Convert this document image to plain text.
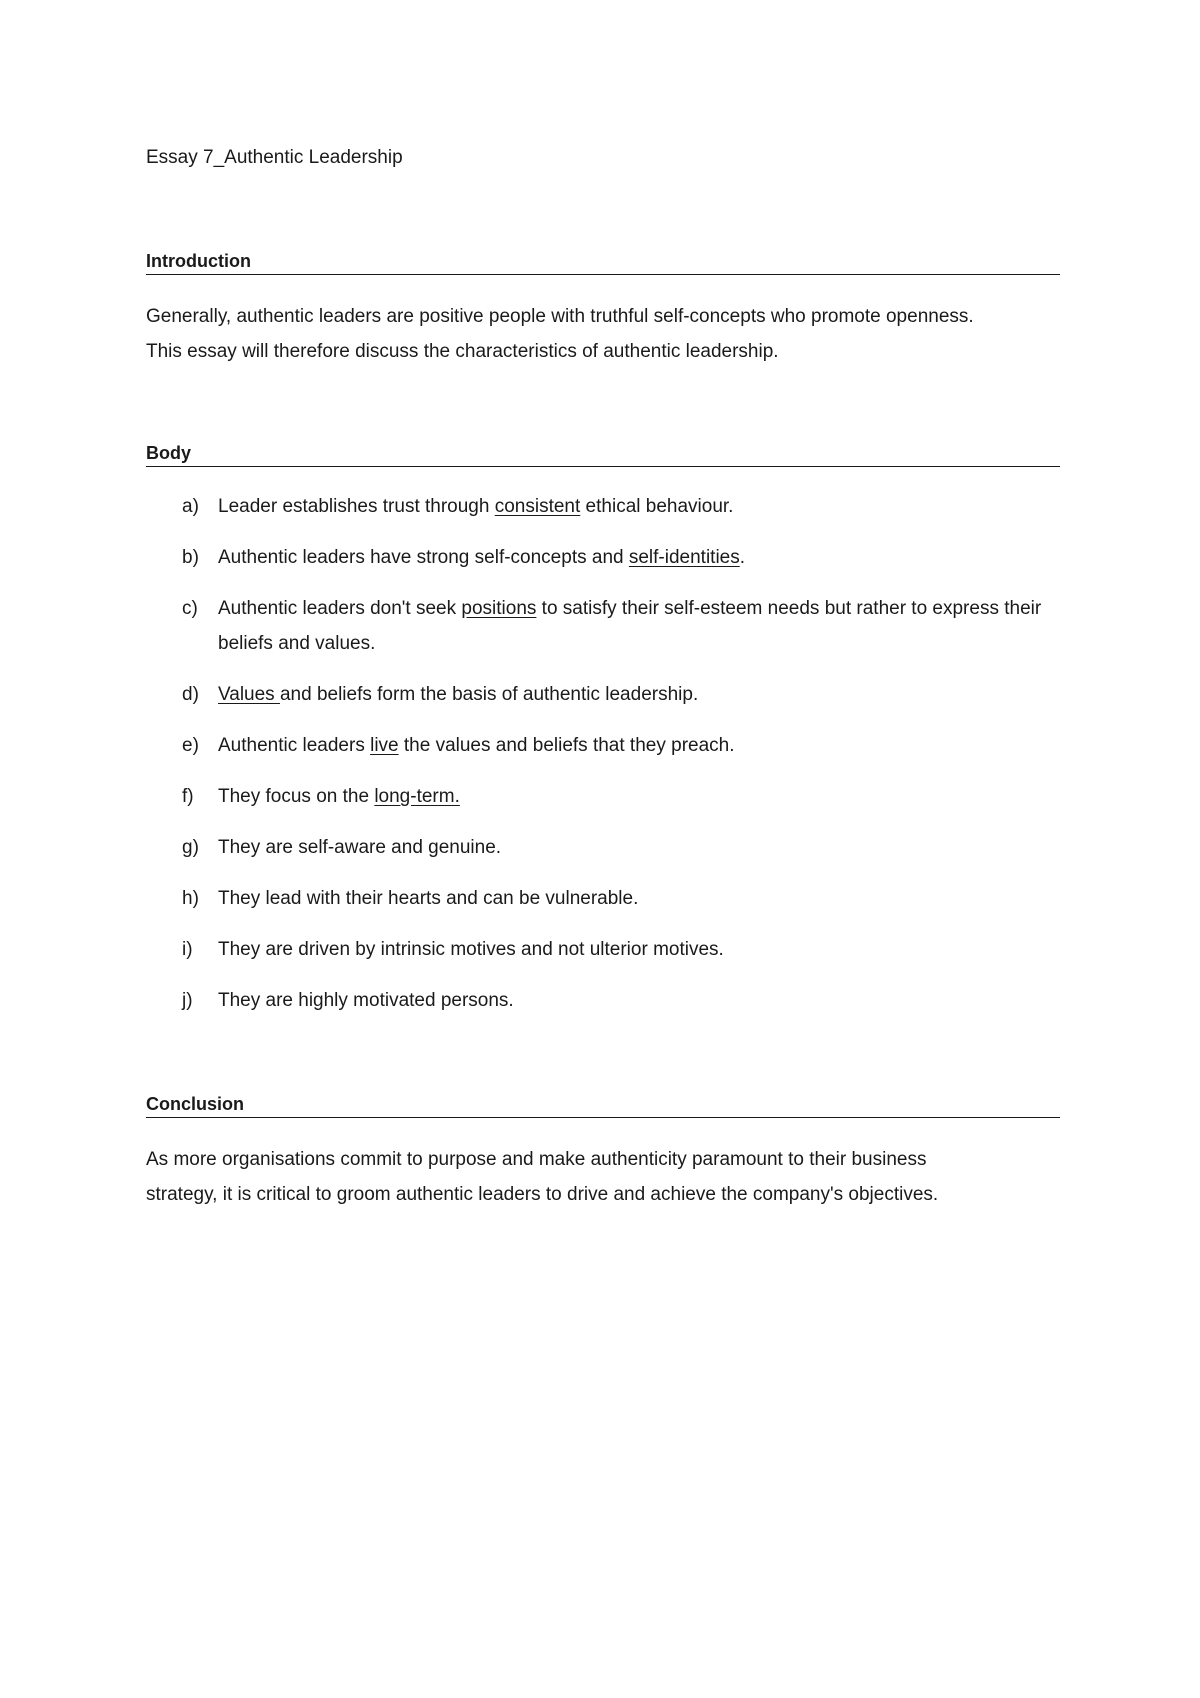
Essay 7_Authentic Leadership
Introduction

Generally, authentic leaders are positive people with truthful self-concepts who promote openness.

This essay will therefore discuss the characteristics of authentic leadership.

Body
a)	Leader establishes trust through consistent ethical behaviour.
b)	Authentic leaders have strong self-concepts and self-identities.
c)	Authentic leaders don't seek positions to satisfy their self-esteem needs but rather to express their beliefs and values.
d)	Values and beliefs form the basis of authentic leadership.
e)	Authentic leaders live the values and beliefs that they preach.
f)	They focus on the long-term.
g)	They are self-aware and genuine.
h)	They lead with their hearts and can be vulnerable.
i)	They are driven by intrinsic motives and not ulterior motives.
j)	They are highly motivated persons.
Conclusion

As more organisations commit to purpose and make authenticity paramount to their business

strategy, it is critical to groom authentic leaders to drive and achieve the company's objectives.
